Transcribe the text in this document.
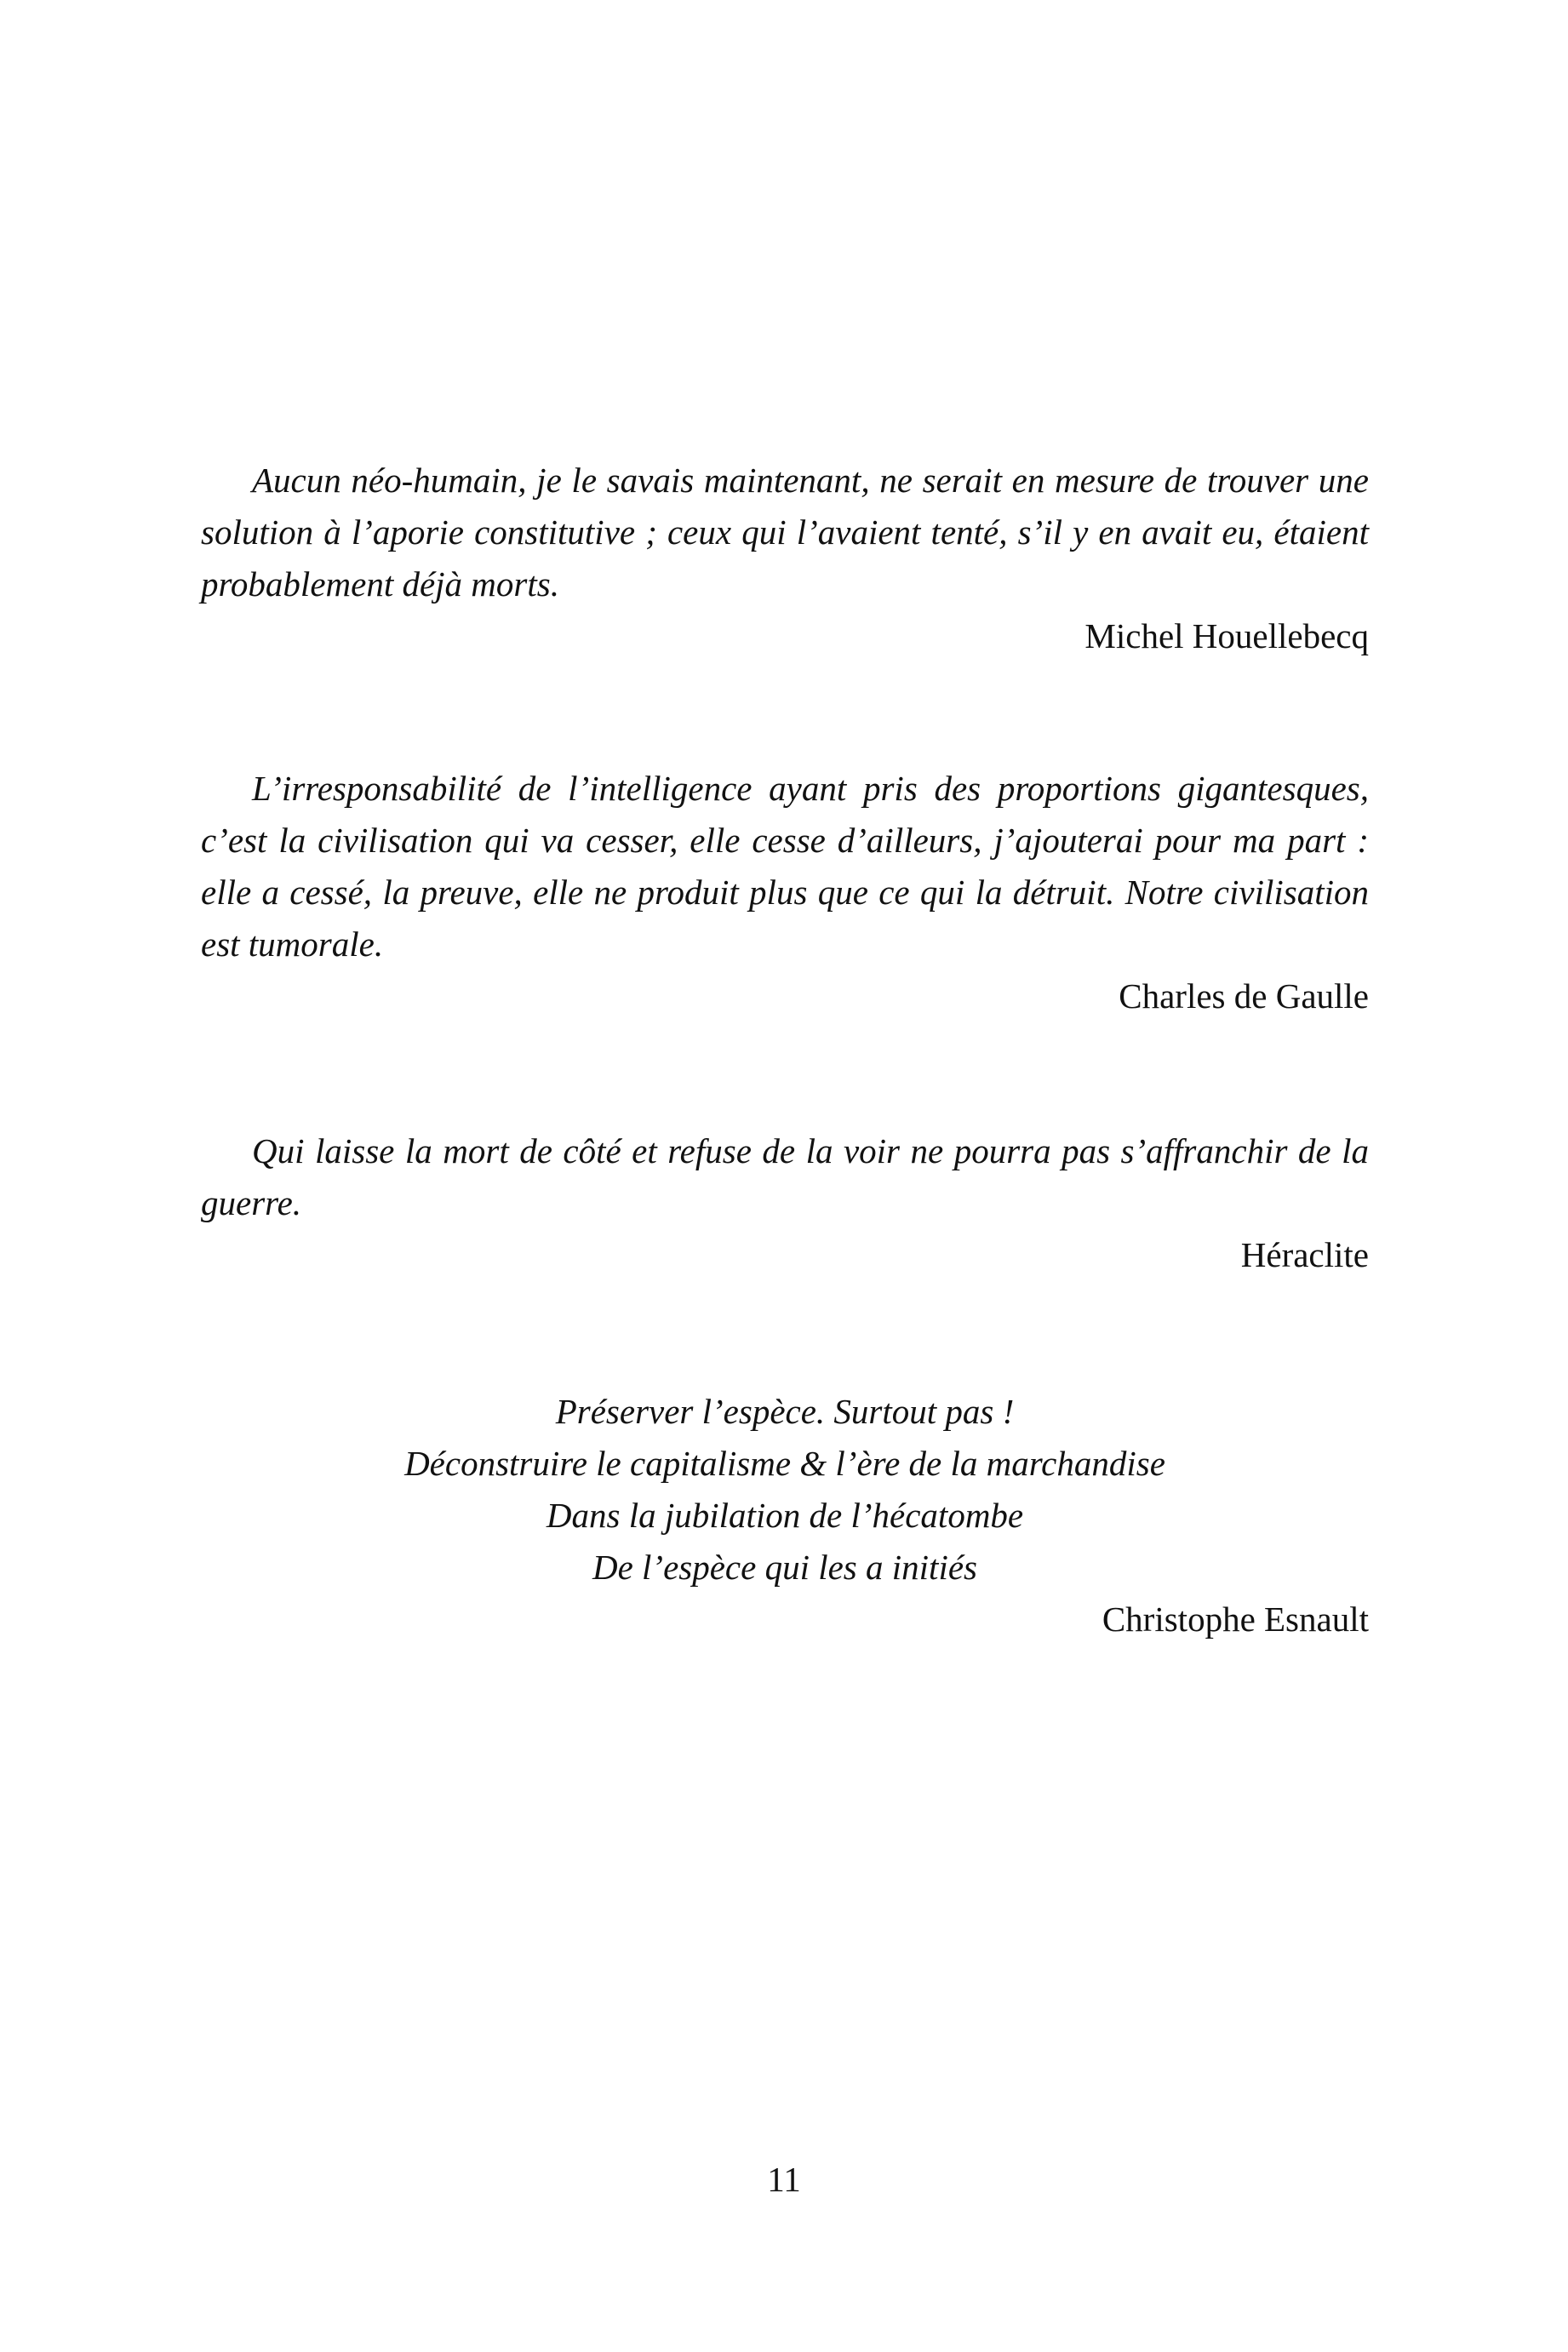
Aucun néo-humain, je le savais maintenant, ne serait en mesure de trouver une solution à l’aporie constitutive ; ceux qui l’avaient tenté, s’il y en avait eu, étaient probablement déjà morts.

Michel Houellebecq

L’irresponsabilité de l’intelligence ayant pris des proportions gigantesques, c’est la civilisation qui va cesser, elle cesse d’ailleurs, j’ajouterai pour ma part : elle a cessé, la preuve, elle ne produit plus que ce qui la détruit. Notre civilisation est tumorale.

Charles de Gaulle

Qui laisse la mort de côté et refuse de la voir ne pourra pas s’affranchir de la guerre.

Héraclite

Préserver l’espèce. Surtout pas !

Déconstruire le capitalisme & l’ère de la marchandise

Dans la jubilation de l’hécatombe

De l’espèce qui les a initiés

Christophe Esnault

11
